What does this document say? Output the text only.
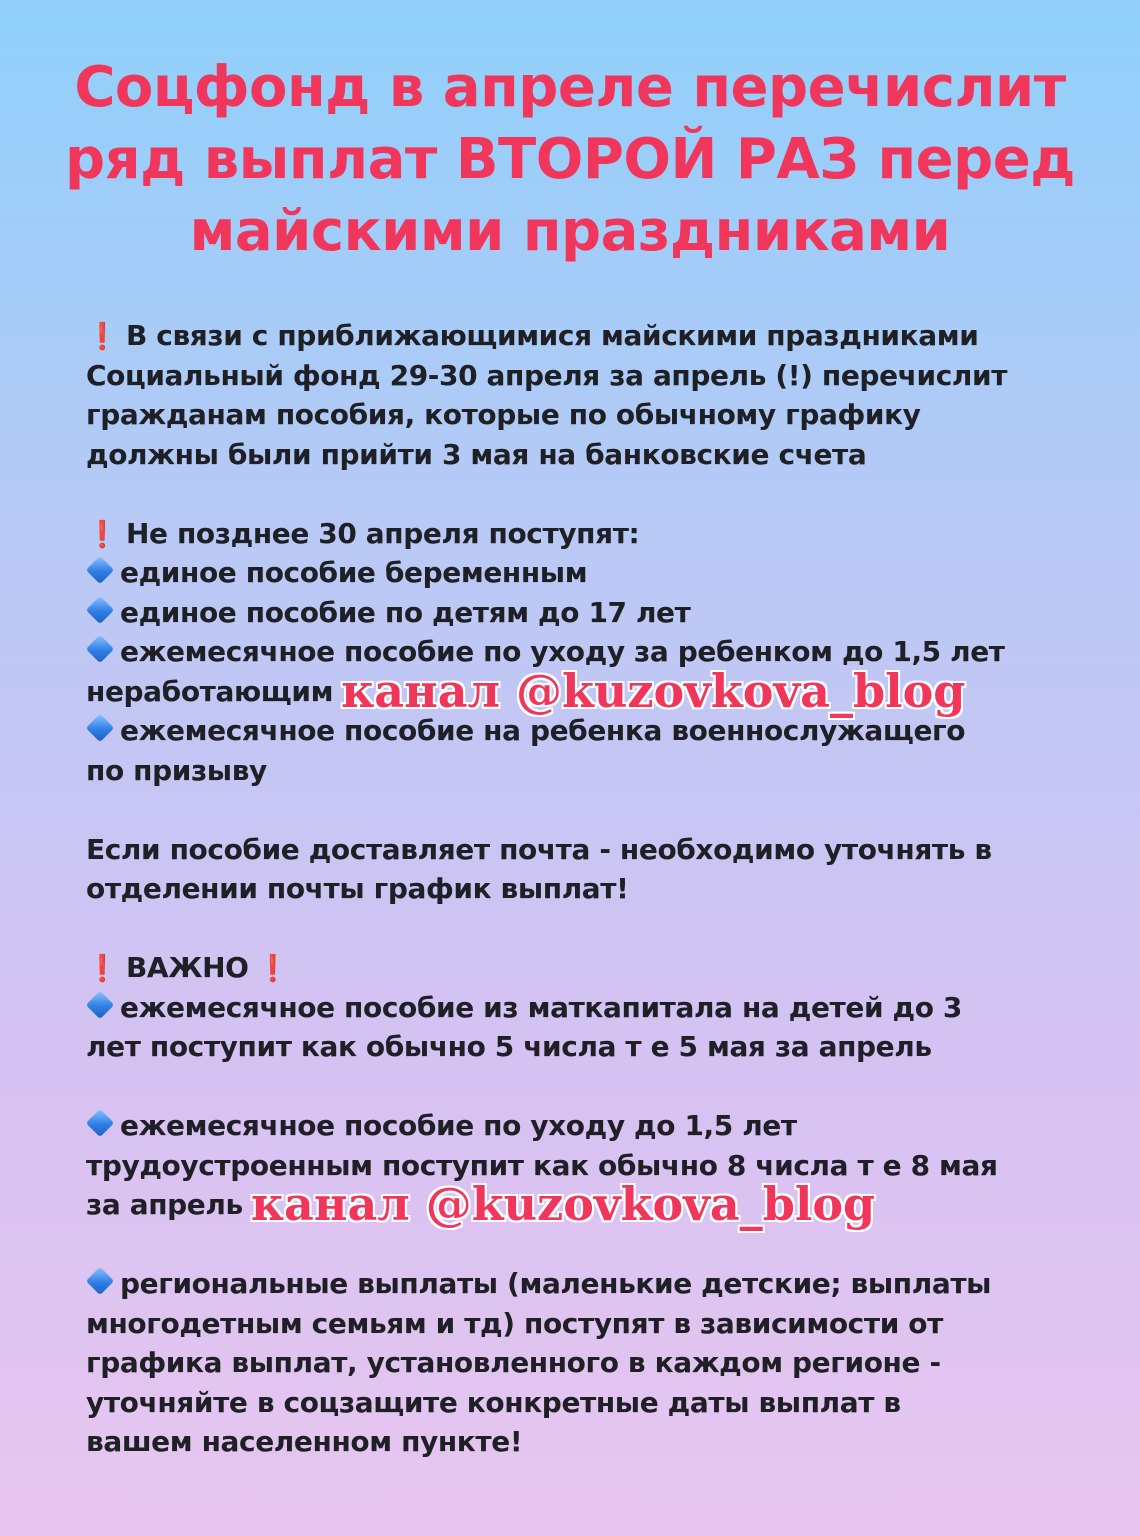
Соцфонд в апреле перечислит
ряд выплат ВТОРОЙ РАЗ перед
майскими праздниками
❗ В связи с приближающимися майскими праздниками
Социальный фонд 29-30 апреля за апрель (!) перечислит
гражданам пособия, которые по обычному графику
должны были прийти 3 мая на банковские счета
❗ Не позднее 30 апреля поступят:
единое пособие беременным
единое пособие по детям до 17 лет
ежемесячное пособие по уходу за ребенком до 1,5 лет
неработающим канал @kuzovkova_blog
ежемесячное пособие на ребенка военнослужащего
по призыву
Если пособие доставляет почта - необходимо уточнять в
отделении почты график выплат!
❗ ВАЖНО ❗
ежемесячное пособие из маткапитала на детей до 3
лет поступит как обычно 5 числа т е 5 мая за апрель
ежемесячное пособие по уходу до 1,5 лет
трудоустроенным поступит как обычно 8 числа т е 8 мая
за апрель канал @kuzovkova_blog
региональные выплаты (маленькие детские; выплаты
многодетным семьям и тд) поступят в зависимости от
графика выплат, установленного в каждом регионе -
уточняйте в соцзащите конкретные даты выплат в
вашем населенном пункте!
